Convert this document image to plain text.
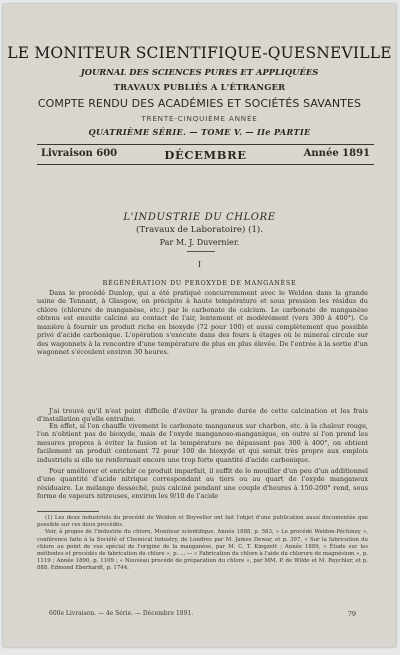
LE MONITEUR SCIENTIFIQUE-QUESNEVILLE
JOURNAL DES SCIENCES PURES ET APPLIQUÉES
TRAVAUX PUBLIÉS A L'ÉTRANGER
COMPTE RENDU DES ACADÉMIES ET SOCIÉTÉS SAVANTES
TRENTE-CINQUIÈME ANNÉE
QUATRIÈME SÉRIE. — TOME V. — IIe PARTIE
Livraison 600	DÉCEMBRE	Année 1891
L'INDUSTRIE DU CHLORE
(Travaux de Laboratoire) (1).
Par M. J. Duvernier.
I
RÉGÉNÉRATION DU PEROXYDE DE MANGANÈSE

Dans le procédé Dunlop, qui a été pratiqué concurremment avec le Weldon dans la grande usine de Tennant, à Glasgow, on précipite à haute température et sous pression les résidus du chlore (chlorure de manganèse, etc.) par le carbonate de calcium. Le carbonate de manganèse obtenu est ensuite calciné au contact de l'air, lentement et modérément (vers 300 à 400°). Ce manière à fournir un produit riche en bioxyde (72 pour 100) et aussi complètement que possible privé d'acide carbonique. L'opération s'exécute dans des fours à étages où le minerai circule sur des wagonnets à la rencontre d'une température de plus en plus élevée. De l'entrée à la sortie d'un wagonnet s'écoulent environ 30 heures.

J'ai trouvé qu'il n'est point difficile d'éviter la grande durée de cette calcination et les frais d'installation qu'elle entraîne.

En effet, si l'on chauffe vivement le carbonate manganeux sur charbon, etc. à la chaleur rouge, l'on n'obtient pas de bioxyde, mais de l'oxyde manganoso-manganique, en outre si l'on prend les mesures propres à éviter la fusion et la température ne dépassant pas 300 à 400°, on obtient facilement un produit contenant 72 pour 100 de bioxyde et qui serait très propre aux emplois industriels si elle ne renfermait encore une trop forte quantité d'acide carbonique.

Pour améliorer et enrichir ce produit imparfait, il suffit de le mouiller d'un peu d'un additionnel d'une quantité d'acide nitrique correspondant au tiers ou au quart de l'oxyde manganeux résiduaire. Le mélange desséché, puis calciné pendant une couple d'heures à 150-200° rend, sous forme de vapeurs nitreuses, environ les 9/10 de l'acide

(1) Les deux industriels du procédé de Weldon et Boyveller ont fait l'objet d'une publication aussi documentée que possible sur ces deux procédés.

Voir, à propos de l'industrie du chlore, Moniteur scientifique, Année 1888, p. 583, » Le procédé Weldon-Péchiney », conférence faite à la Société of Chemical Industry, de Londres par M. James Dewar, et p. 397, » Sur la fabrication du chlore au point de vue spécial de l'origine de la manganèse, par M. C. T. Kingzett ; Année 1889, » Étude sur les méthodes et procédés de fabrication du chlore », p. ... — « Fabrication du chlore à l'aide du chlorure de magnésium », p. 1119 ; Année 1890, p. 1109 ; « Nouveau procédé de préparation du chlore », par MM. P. de Wilde et M. Reychler, et p. 888, Edmond Eberhardt, p. 1744.

600e Livraison. — 4e Série. — Décembre 1891.	79
